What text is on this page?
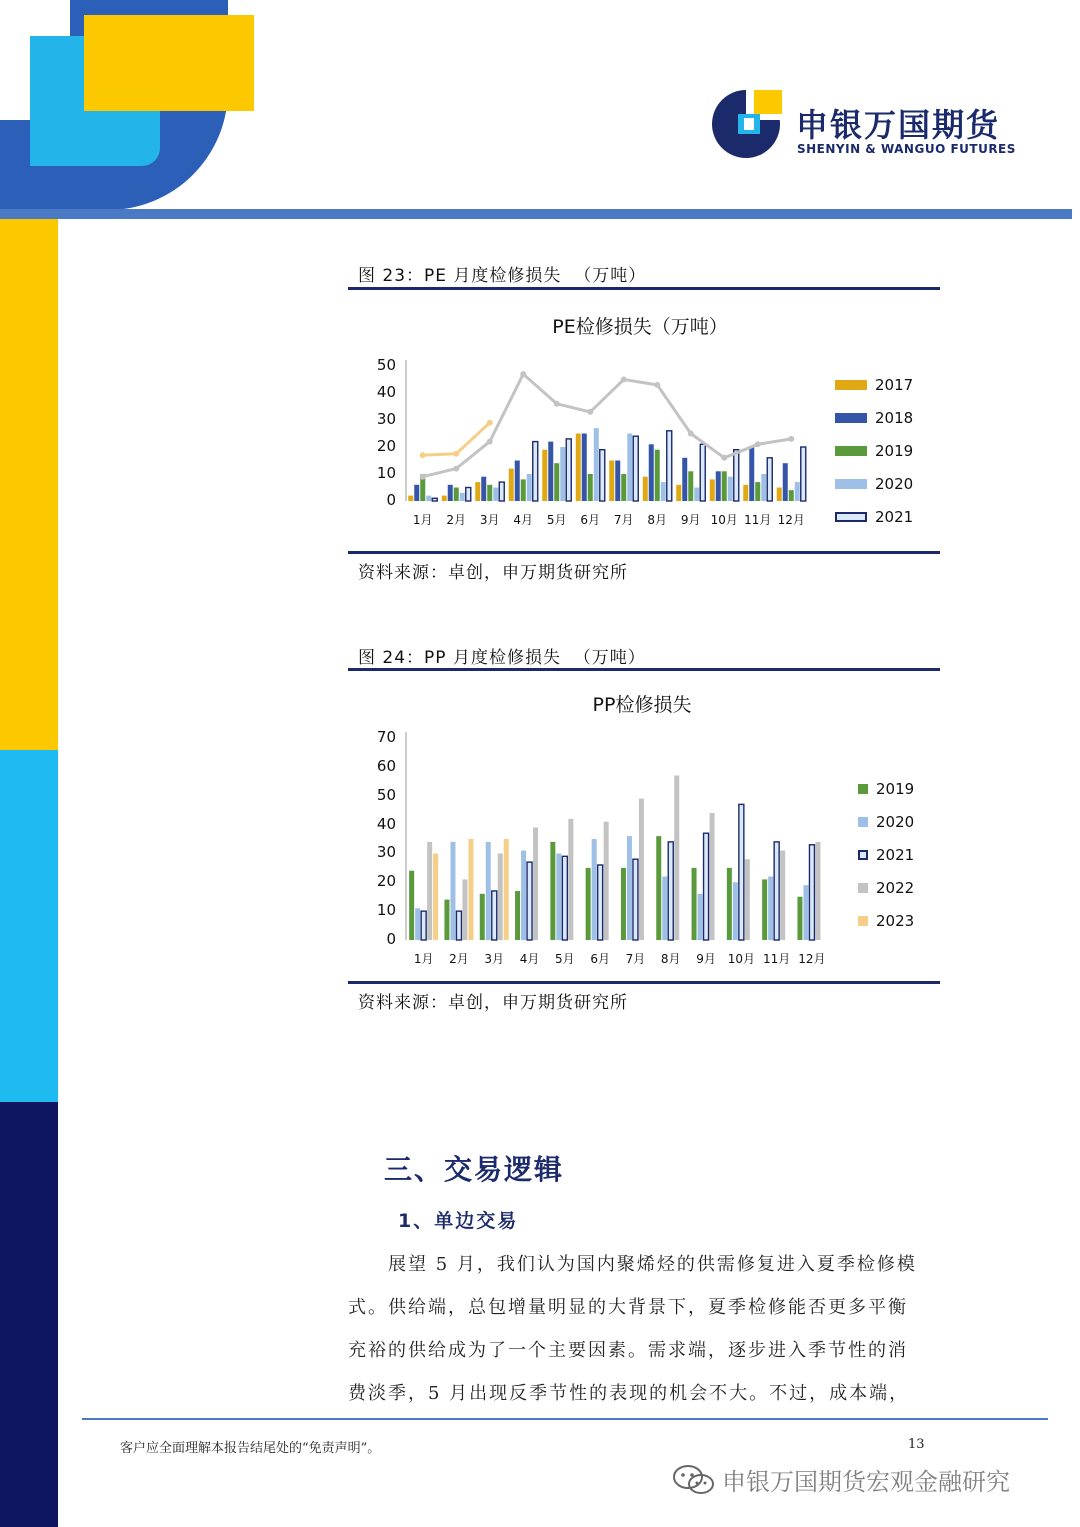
申银万国期货
SHENYIN & WANGUO FUTURES
图 23：PE 月度检修损失  （万吨）
PE检修损失（万吨）
2017
2018
2019
2020
2021
0
10
20
30
40
50
1月	2月	3月	4月	5月	6月	7月	8月	9月 10月 11月 12月
资料来源：卓创，申万期货研究所
图 24：PP 月度检修损失  （万吨）
PP检修损失
2019
2020
2021
2022
2023
0
10
20
30
40
50
60
70
1月	2月	3月	4月	5月	6月	7月	8月	9月 10月 11月 12月
资料来源：卓创，申万期货研究所
三、交易逻辑
1、单边交易
展望 5 月，我们认为国内聚烯烃的供需修复进入夏季检修模
式。供给端，总包增量明显的大背景下，夏季检修能否更多平衡
充裕的供给成为了一个主要因素。需求端，逐步进入季节性的消
费淡季，5 月出现反季节性的表现的机会不大。不过，成本端，
客户应全面理解本报告结尾处的“免责声明”。	13
申银万国期货宏观金融研究
